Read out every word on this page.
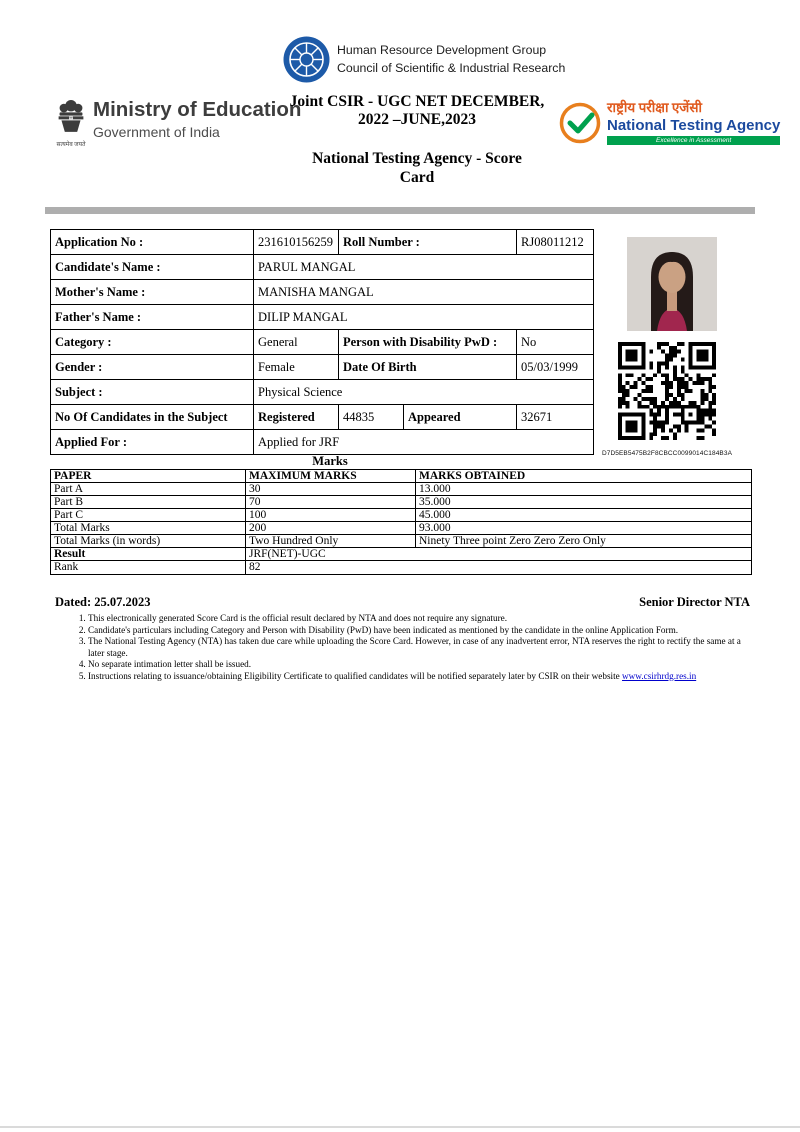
Human Resource Development Group
Council of Scientific & Industrial Research
सत्यमेव जयते
Ministry of Education
Government of India
राष्ट्रीय परीक्षा एजेंसी
National Testing Agency
Excellence in Assessment
Joint CSIR - UGC NET DECEMBER,
2022 –JUNE,2023
National Testing Agency - Score
Card
Application No :	231610156259	Roll Number :		RJ08011212
Candidate's Name :	PARUL MANGAL			
Mother's Name :	MANISHA MANGAL			
Father's Name :	DILIP MANGAL			
Category :	General	Person with Disability PwD :		No
Gender :	Female	Date Of Birth		05/03/1999
Subject :	Physical Science			
No Of Candidates in the Subject	Registered	44835	Appeared	32671
Applied For :	Applied for JRF			
D7D5EB5475B2F8CBCC0099014C184B3A
Marks
PAPER	MAXIMUM MARKS	MARKS OBTAINED
Part A	30	13.000
Part B	70	35.000
Part C	100	45.000
Total Marks	200	93.000
Total Marks (in words)	Two Hundred Only	Ninety Three point Zero Zero Zero Only
Result	JRF(NET)-UGC	
Rank	82	
Dated: 25.07.2023	Senior Director NTA
1. This electronically generated Score Card is the official result declared by NTA and does not require any signature.
2. Candidate's particulars including Category and Person with Disability (PwD) have been indicated as mentioned by the candidate in the online Application Form.
3. The National Testing Agency (NTA) has taken due care while uploading the Score Card. However, in case of any inadvertent error, NTA reserves the right to rectify the same at a later stage.
4. No separate intimation letter shall be issued.
5. Instructions relating to issuance/obtaining Eligibility Certificate to qualified candidates will be notified separately later by CSIR on their website www.csirhrdg.res.in
